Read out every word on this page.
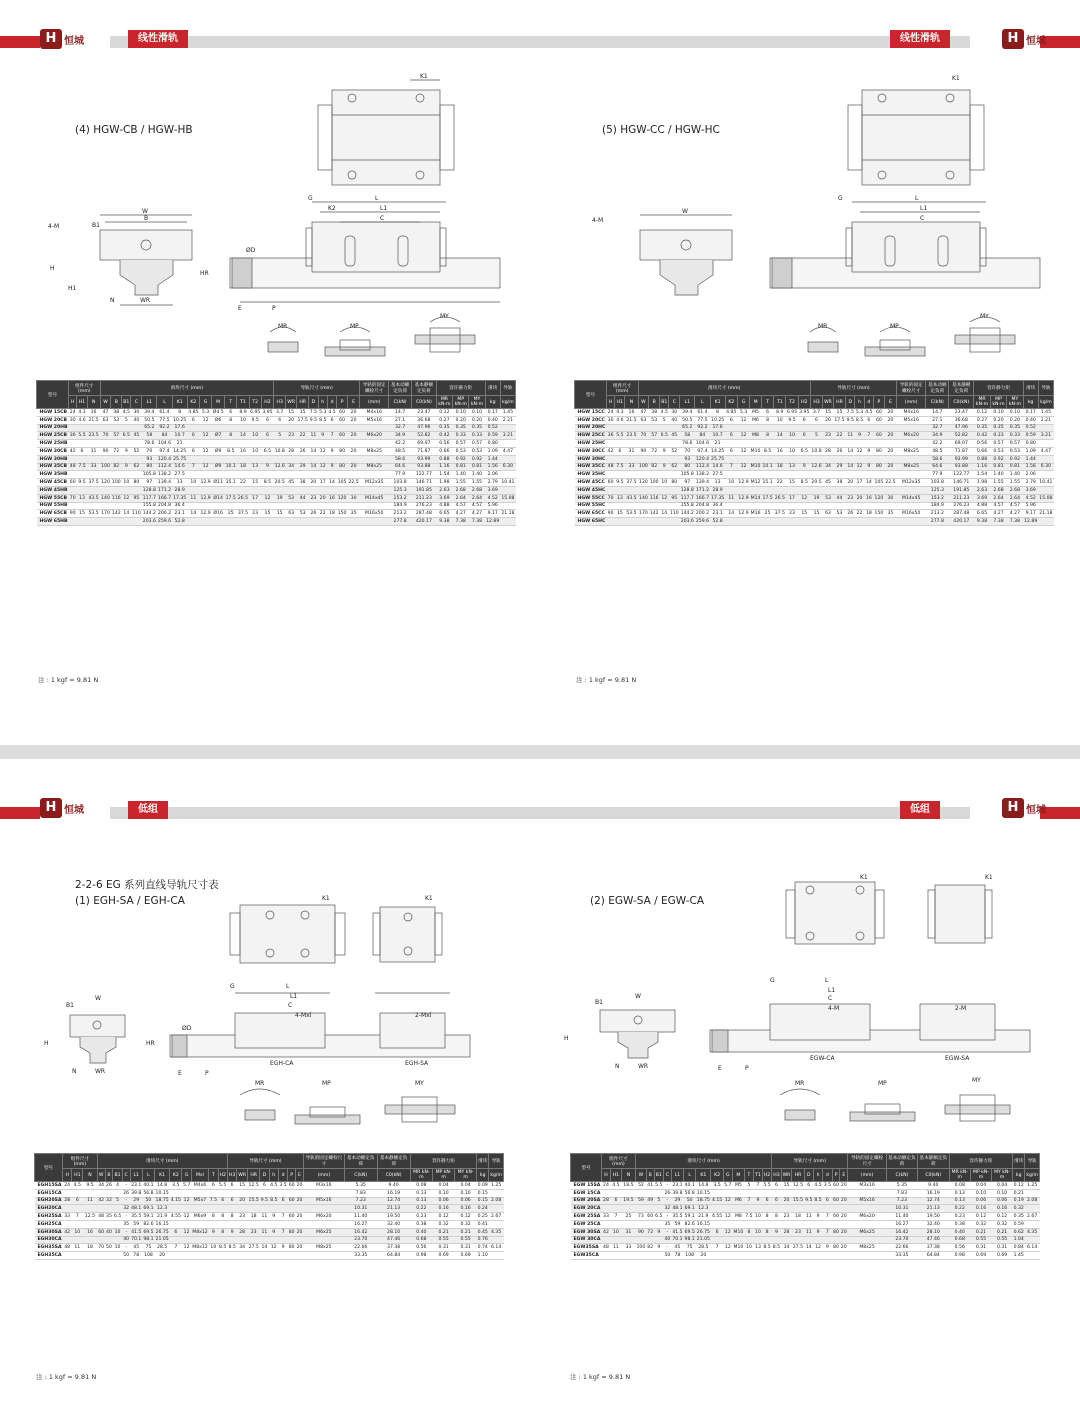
H 恒城	线性滑轨
(4) HGW-CB / HGW-HB
K1
W
B1
B
4-M
H
H1
N	WR
L
L1
C
K2
G
ØD
HR
E	P
MR	MP
MY
型号	组件尺寸 (mm)			滑块尺寸 (mm)														导轨尺寸 (mm)								导轨的固定螺栓尺寸	基本动额定负荷	基本静额定负荷	容许静力矩			滑块	导轨
	H	H1	N	W	B	B1	C	L1	L	K1	K2	G	M	T	T1	T2	H2	H3	WR	HR	D	h	d	P	E	(mm)	C(kN)	C0(kN)	MR kN-m	MP kN-m	MY kN-m	kg	kg/m
HGW 15CB	24	4.3	16	47	38	4.5	30	39.4	61.4	8	4.85	5.3	Ø4.5	6	8.9	6.95	3.95	3.7	15	15	7.5	5.3	4.5	60	20	M4x16	14.7	23.47	0.12	0.10	0.10	0.17	1.45
HGW 20CB	30	4.6	21.5	63	53	5	40	50.5	77.5	10.25	6	12	Ø6	8	10	9.5	6	6	20	17.5	9.5	8.5	6	60	20	M5x16	27.1	36.68	0.27	0.20	0.20	0.40	2.21
HGW 20HB								65.2	92.2	17.6																	32.7	47.96	0.35	0.35	0.35	0.52	
HGW 25CB	36	5.5	23.5	70	57	6.5	45	58	84	10.7	6	12	Ø7	8	14	10	6	5	23	22	11	9	7	60	20	M6x20	34.9	52.82	0.42	0.33	0.33	0.59	3.21
HGW 25HB								78.6	104.6	21																	42.2	69.07	0.56	0.57	0.57	0.80	
HGW 30CB	42	6	31	90	72	9	52	70	97.4	14.25	6	12	Ø9	8.5	16	10	6.5	10.8	28	26	14	12	9	80	20	M8x25	48.5	71.87	0.66	0.53	0.53	1.09	4.47
HGW 30HB								93	120.4	25.75																	58.6	93.99	0.88	0.92	0.92	1.44	
HGW 35CB	48	7.5	33	100	82	9	62	80	112.4	14.6	7	12	Ø9	10.1	18	13	9	12.6	34	29	14	12	9	80	20	M8x25	64.6	93.88	1.16	0.81	0.81	1.56	6.30
HGW 35HB								105.8	138.2	27.5																	77.9	122.77	1.54	1.40	1.40	2.06	
HGW 45CB	60	9.5	37.5	120	100	10	80	97	139.4	13	10	12.9	Ø11	15.1	22	15	8.5	20.5	45	38	20	17	14	105	22.5	M12x35	103.8	146.71	1.98	1.55	1.55	2.79	10.41
HGW 45HB								128.8	171.2	28.9																	125.3	191.85	2.63	2.68	2.68	3.69	
HGW 55CB	70	13	43.5	140	116	12	95	117.7	166.7	17.35	11	12.9	Ø14	17.5	26.5	17	12	19	53	44	23	20	16	120	30	M14x45	153.2	211.23	3.69	2.64	2.64	4.52	15.08
HGW 55HB								155.8	204.8	36.4																	184.9	276.23	4.88	4.57	4.57	5.96	
HGW 65CB	90	15	53.5	170	142	14	110	144.2	200.2	23.1	14	12.9	Ø16	25	37.5	23	15	15	63	53	26	22	18	150	35	M16x50	213.2	287.48	6.65	4.27	4.27	9.17	21.18
HGW 65HB								203.6	259.6	52.8																	277.8	420.17	9.38	7.38	7.38	12.89	
注 : 1 kgf = 9.81 N
线性滑轨	H 恒城
(5) HGW-CC / HGW-HC
K1
W
4-M
L
L1
C
G
MR	MP
MY
型号	组件尺寸 (mm)			滑块尺寸 (mm)														导轨尺寸 (mm)								导轨的固定螺栓尺寸	基本动额定负荷	基本静额定负荷	容许静力矩			滑块	导轨
	H	H1	N	W	B	B1	C	L1	L	K1	K2	G	M	T	T1	T2	H2	H3	WR	HR	D	h	d	P	E	(mm)	C(kN)	C0(kN)	MR kN-m	MP kN-m	MY kN-m	kg	kg/m
HGW 15CC	24	4.3	16	47	38	4.5	30	39.4	61.4	8	4.85	5.3	M5	6	8.9	6.95	3.95	3.7	15	15	7.5	5.3	4.5	60	20	M4x16	14.7	23.47	0.12	0.10	0.10	0.17	1.45
HGW 20CC	30	4.6	21.5	63	53	5	40	50.5	77.5	10.25	6	12	M6	8	10	9.5	6	6	20	17.5	9.5	8.5	6	60	20	M5x16	27.1	36.68	0.27	0.20	0.20	0.40	2.21
HGW 20HC								65.2	92.2	17.6																	32.7	47.96	0.35	0.35	0.35	0.52	
HGW 25CC	36	5.5	23.5	70	57	6.5	45	58	84	10.7	6	12	M8	8	14	10	6	5	23	22	11	9	7	60	20	M6x20	34.9	52.82	0.42	0.33	0.33	0.59	3.21
HGW 25HC								78.6	104.6	21																	42.2	69.07	0.56	0.57	0.57	0.80	
HGW 30CC	42	6	31	90	72	9	52	70	97.4	14.25	6	12	M10	8.5	16	10	6.5	10.8	28	26	14	12	9	80	20	M8x25	48.5	71.87	0.66	0.53	0.53	1.09	4.47
HGW 30HC								93	120.4	25.75																	58.6	93.99	0.88	0.92	0.92	1.44	
HGW 35CC	48	7.5	33	100	82	9	62	80	112.4	14.6	7	12	M10	10.1	18	13	9	12.6	34	29	14	12	9	80	20	M8x25	64.6	93.88	1.16	0.81	0.81	1.56	6.30
HGW 35HC								105.8	138.2	27.5																	77.9	122.77	1.54	1.40	1.40	2.06	
HGW 45CC	60	9.5	37.5	120	100	10	80	97	139.4	13	10	12.9	M12	15.1	22	15	8.5	20.5	45	38	20	17	14	105	22.5	M12x35	103.8	146.71	1.98	1.55	1.55	2.79	10.41
HGW 45HC								128.8	171.2	28.9																	125.3	191.85	2.63	2.68	2.68	3.69	
HGW 55CC	70	13	43.5	140	116	12	95	117.7	166.7	17.35	11	12.9	M14	17.5	26.5	17	12	19	53	44	23	20	16	120	30	M14x45	153.2	211.23	3.69	2.64	2.64	4.52	15.08
HGW 55HC								155.8	204.8	36.4																	184.9	276.23	4.88	4.57	4.57	5.96	
HGW 65CC	90	15	53.5	170	142	14	110	144.2	200.2	23.1	14	12.9	M16	25	37.5	23	15	15	63	53	26	22	18	150	35	M16x50	213.2	287.48	6.65	4.27	4.27	9.17	21.18
HGW 65HC								203.6	259.6	52.8																	277.8	420.17	9.38	7.38	7.38	12.89	
注 : 1 kgf = 9.81 N
H 恒城	低组
2-2-6 EG 系列直线导轨尺寸表
(1) EGH-SA / EGH-CA	K1	K1
W
B1
H
N	WR
G	L
L1
C
4-Mxl	2-Mxl
HR
ØD
E	P
EGH-CA	EGH-SA
MR	MP	MY
型号	组件尺寸 (mm)			滑块尺寸 (mm)												导轨尺寸 (mm)								导轨的固定螺栓尺寸	基本动额定负荷	基本静额定负荷	容许静力矩			滑块	导轨
	H	H1	N	W	B	B1	C	L1	L	K1	K2	G	Mxl	T	H2	H3	WR	HR	D	h	d	P	E	(mm)	C(kN)	C0(kN)	MR kN-m	MP kN-m	MY kN-m	kg	kg/m
EGH15SA	24	4.5	9.5	34	26	4	-	23.1	40.1	14.8	3.5	5.7	M4x6	6	5.5	6	15	12.5	6	4.5	3.5	60	20	M3x16	5.35	9.40	0.08	0.04	0.04	0.09	1.25
EGH15CA							26	39.8	56.8	10.15															7.83	16.19	0.13	0.10	0.10	0.15	
EGH20SA	28	6	11	42	32	5	-	29	50	18.75	4.15	12	M5x7	7.5	6	6	20	15.5	9.5	8.5	6	60	20	M5x16	7.23	12.74	0.13	0.06	0.06	0.15	2.08
EGH20CA							32	48.1	69.1	12.3															10.31	21.13	0.22	0.16	0.16	0.24	
EGH25SA	33	7	12.5	48	35	6.5	-	35.5	59.1	21.9	4.55	12	M6x9	8	8	8	23	18	11	9	7	60	20	M6x20	11.40	19.50	0.23	0.12	0.12	0.25	2.67
EGH25CA							35	59	82.6	16.15															16.27	32.40	0.38	0.32	0.32	0.41	
EGH30SA	42	10	16	60	40	10	-	41.5	69.5	26.75	6	12	M8x12	9	8	9	28	23	11	9	7	80	20	M6x25	16.42	28.10	0.40	0.21	0.21	0.45	4.35
EGH30CA							40	70.1	98.1	21.05															23.70	47.46	0.68	0.55	0.55	0.76	
EGH35SA	48	11	18	70	50	10	-	45	75	28.5	7	12	M8x12	10	8.5	8.5	34	27.5	14	12	9	80	20	M8x25	22.66	37.38	0.56	0.31	0.31	0.74	6.14
EGH35CA							50	78	108	20															33.35	64.84	0.98	0.69	0.69	1.10	
注 : 1 kgf = 9.81 N
低组	H 恒城
(2) EGW-SA / EGW-CA
K1	K1
W
B1
H
N	WR
G	L
L1
C
4-M	2-M
E	P
EGW-CA	EGW-SA
MR	MP	MY
型号	组件尺寸 (mm)			滑块尺寸 (mm)													导轨尺寸 (mm)								导轨的固定螺栓尺寸	基本动额定负荷	基本静额定负荷	容许静力矩			滑块	导轨
	H	H1	N	W	B	B1	C	L1	L	K1	K2	G	M	T	T1	H2	H3	WR	HR	D	h	d	P	E	(mm)	C(kN)	C0(kN)	MR kN-m	MP kN-m	MY kN-m	kg	kg/m
EGW 15SA	24	4.5	18.5	52	41	5.5	-	23.1	40.1	14.8	3.5	5.7	M5	5	7	5.5	6	15	12.5	6	4.5	3.5	60	20	M3x16	5.35	9.40	0.08	0.04	0.04	0.12	1.25
EGW 15CA							26	39.8	56.8	10.15																7.83	16.19	0.13	0.10	0.10	0.21	
EGW 20SA	28	6	19.5	59	49	5	-	29	50	18.75	4.15	12	M6	7	9	6	6	20	15.5	9.5	8.5	6	60	20	M5x16	7.23	12.74	0.13	0.06	0.06	0.19	2.08
EGW 20CA							32	48.1	69.1	12.3																10.31	21.13	0.22	0.16	0.16	0.32	
EGW 25SA	33	7	25	73	60	6.5	-	35.5	59.1	21.9	4.55	12	M8	7.5	10	8	8	23	18	11	9	7	60	20	M6x20	11.40	19.50	0.23	0.12	0.12	0.35	2.67
EGW 25CA							35	59	82.6	16.15																16.27	32.40	0.38	0.32	0.32	0.59	
EGW 30SA	42	10	31	90	72	9	-	41.5	69.5	26.75	6	12	M10	8	10	8	9	28	23	11	9	7	80	20	M6x25	16.42	28.10	0.40	0.21	0.21	0.62	4.35
EGW 30CA							40	70.1	98.1	21.05																23.70	47.46	0.68	0.55	0.55	1.04	
EGW35SA	48	11	33	100	82	9	-	45	75	28.5	7	12	M10	10	13	8.5	8.5	34	27.5	14	12	9	80	20	M8x25	22.66	37.38	0.56	0.31	0.31	0.84	6.14
EGW35CA							50	78	108	20																33.35	64.84	0.98	0.69	0.69	1.45	
注 : 1 kgf = 9.81 N
